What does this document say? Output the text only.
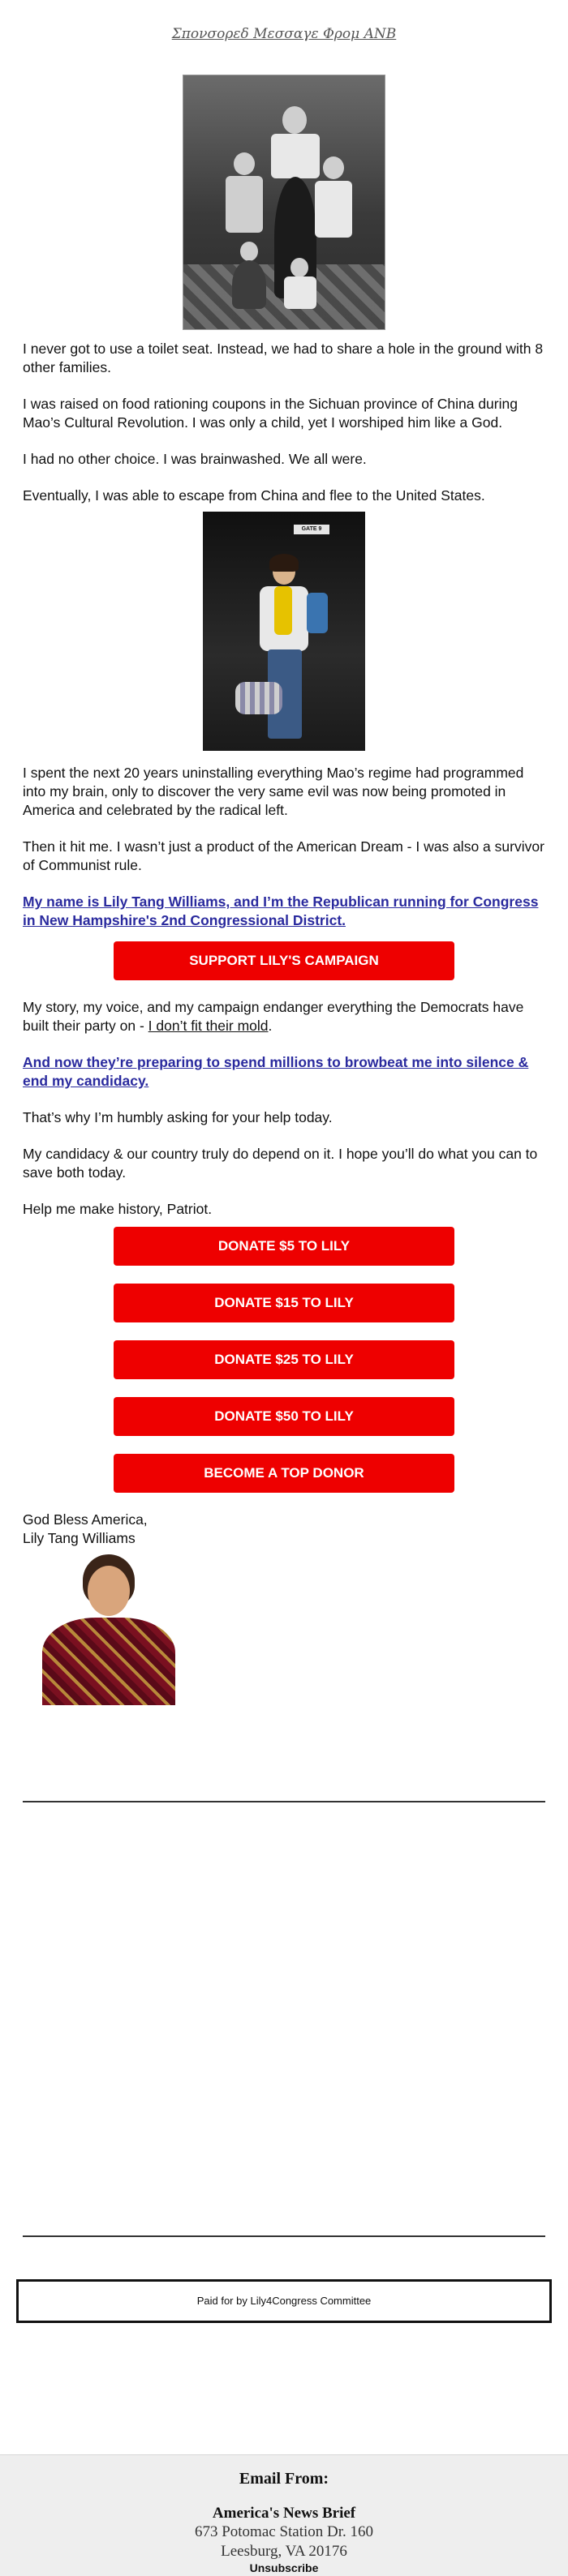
Σπονσορεδ Μεσσαγε Φρομ ΑΝΒ

I never got to use a toilet seat. Instead, we had to share a hole in the ground with 8 other families.

I was raised on food rationing coupons in the Sichuan province of China during Mao’s Cultural Revolution. I was only a child, yet I worshiped him like a God.

I had no other choice. I was brainwashed. We all were.

Eventually, I was able to escape from China and flee to the United States.

GATE 9

I spent the next 20 years uninstalling everything Mao’s regime had programmed into my brain, only to discover the very same evil was now being promoted in America and celebrated by the radical left.

Then it hit me. I wasn’t just a product of the American Dream - I was also a survivor of Communist rule.

My name is Lily Tang Williams, and I’m the Republican running for Congress in New Hampshire's 2nd Congressional District.

SUPPORT LILY'S CAMPAIGN

My story, my voice, and my campaign endanger everything the Democrats have built their party on - I don’t fit their mold.

And now they’re preparing to spend millions to browbeat me into silence & end my candidacy.

That’s why I’m humbly asking for your help today.

My candidacy & our country truly do depend on it. I hope you’ll do what you can to save both today.

Help me make history, Patriot.

DONATE $5 TO LILY
DONATE $15 TO LILY
DONATE $25 TO LILY
DONATE $50 TO LILY
BECOME A TOP DONOR
God Bless America,
Lily Tang Williams
Paid for by Lily4Congress Committee
Email From:
America's News Brief
673 Potomac Station Dr. 160
Leesburg, VA 20176
Unsubscribe
